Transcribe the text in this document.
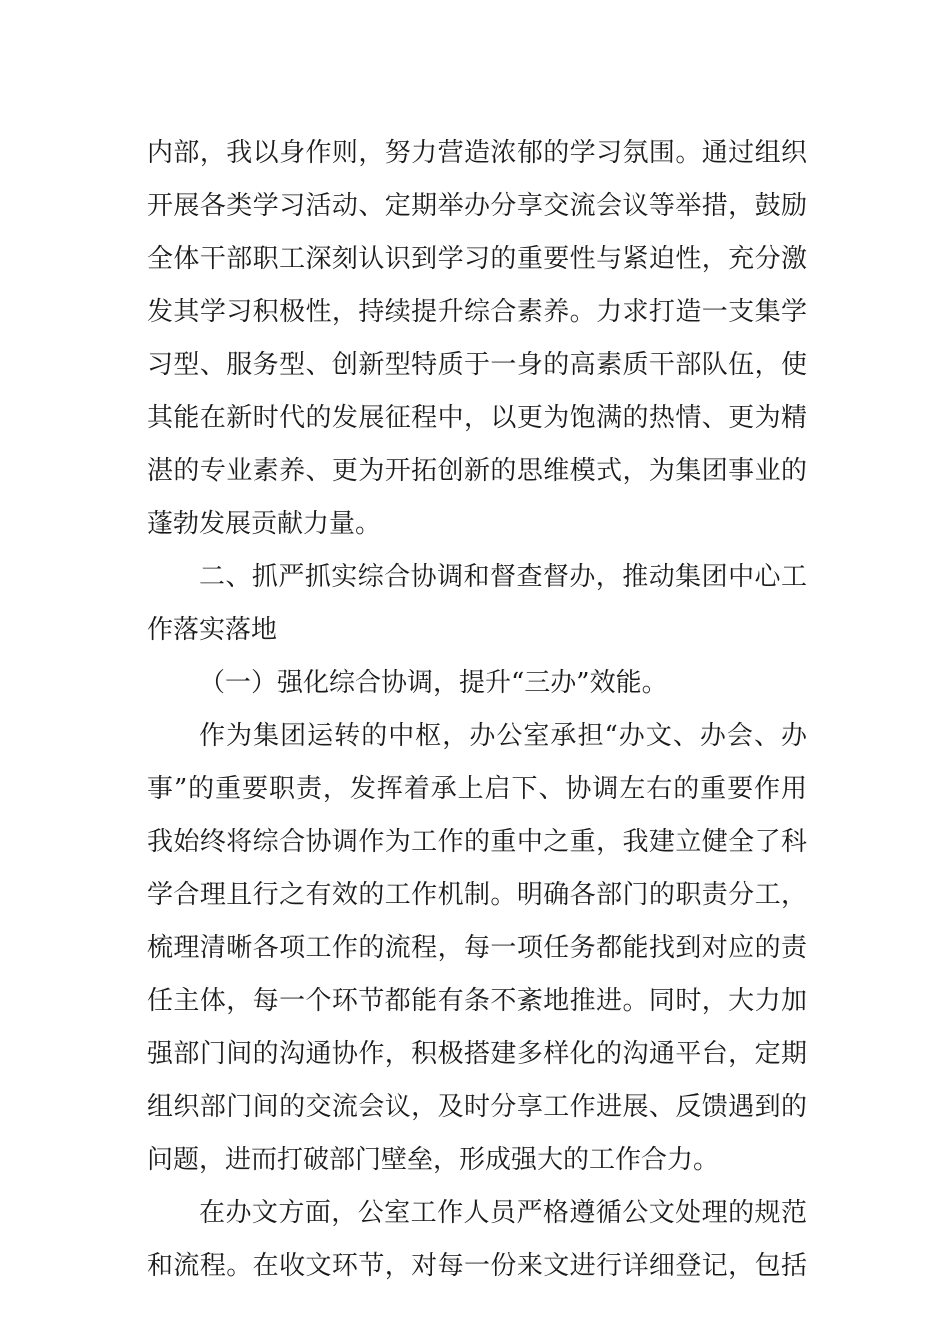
内部，我以身作则，努力营造浓郁的学习氛围。通过组织
开展各类学习活动、定期举办分享交流会议等举措，鼓励
全体干部职工深刻认识到学习的重要性与紧迫性，充分激
发其学习积极性，持续提升综合素养。力求打造一支集学
习型、服务型、创新型特质于一身的高素质干部队伍，使
其能在新时代的发展征程中，以更为饱满的热情、更为精
湛的专业素养、更为开拓创新的思维模式，为集团事业的
蓬勃发展贡献力量。
二、抓严抓实综合协调和督查督办，推动集团中心工
作落实落地
（一）强化综合协调，提升“三办”效能。
作为集团运转的中枢，办公室承担“办文、办会、办
事”的重要职责，发挥着承上启下、协调左右的重要作用
我始终将综合协调作为工作的重中之重，我建立健全了科
学合理且行之有效的工作机制。明确各部门的职责分工，
梳理清晰各项工作的流程，每一项任务都能找到对应的责
任主体，每一个环节都能有条不紊地推进。同时，大力加
强部门间的沟通协作，积极搭建多样化的沟通平台，定期
组织部门间的交流会议，及时分享工作进展、反馈遇到的
问题，进而打破部门壁垒，形成强大的工作合力。
在办文方面，公室工作人员严格遵循公文处理的规范
和流程。在收文环节，对每一份来文进行详细登记，包括
